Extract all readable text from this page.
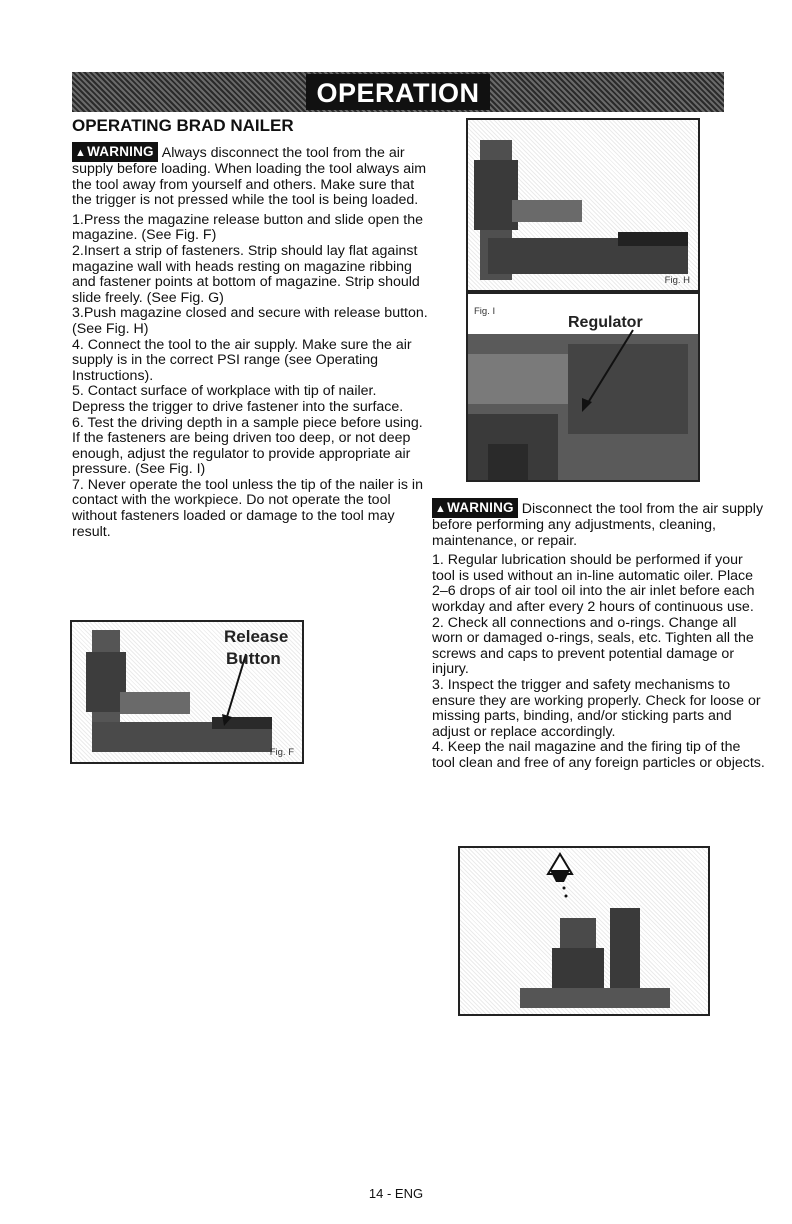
OPERATION
OPERATING BRAD NAILER

▲WARNING Always disconnect the tool from the air supply before loading. When loading the tool always aim the tool away from yourself and others. Make sure that the trigger is not pressed while the tool is being loaded.

1.Press the magazine release button and slide open the magazine. (See Fig. F)
2.Insert a strip of fasteners. Strip should lay flat against magazine wall with heads resting on magazine ribbing and fastener points at bottom of magazine. Strip should slide freely. (See Fig. G)
3.Push magazine closed and secure with release button. (See Fig. H)
4. Connect the tool to the air supply. Make sure the air supply is in the correct PSI range (see Operating Instructions).
5. Contact surface of workplace with tip of nailer. Depress the trigger to drive fastener into the surface.
6. Test the driving depth in a sample piece before using. If the fasteners are being driven too deep, or not deep enough, adjust the regulator to provide appropriate air pressure. (See Fig. I)
7. Never operate the tool unless the tip of the nailer is in contact with the workpiece. Do not operate the tool without fasteners loaded or damage to the tool may result.
Release
Button
Fig. F
Fig. H
Fig. I
Regulator

▲WARNING Disconnect the tool from the air supply before performing any adjustments, cleaning, maintenance, or repair.

1. Regular lubrication should be performed if your tool is used without an in-line automatic oiler. Place 2–6 drops of air tool oil into the air inlet before each workday and after every 2 hours of continuous use.
2. Check all connections and o-rings. Change all worn or damaged o-rings, seals, etc. Tighten all the screws and caps to prevent potential damage or injury.
3. Inspect the trigger and safety mechanisms to ensure they are working properly. Check for loose or missing parts, binding, and/or sticking parts and adjust or replace accordingly.
4. Keep the nail magazine and the firing tip of the tool clean and free of any foreign particles or objects.
14 - ENG
